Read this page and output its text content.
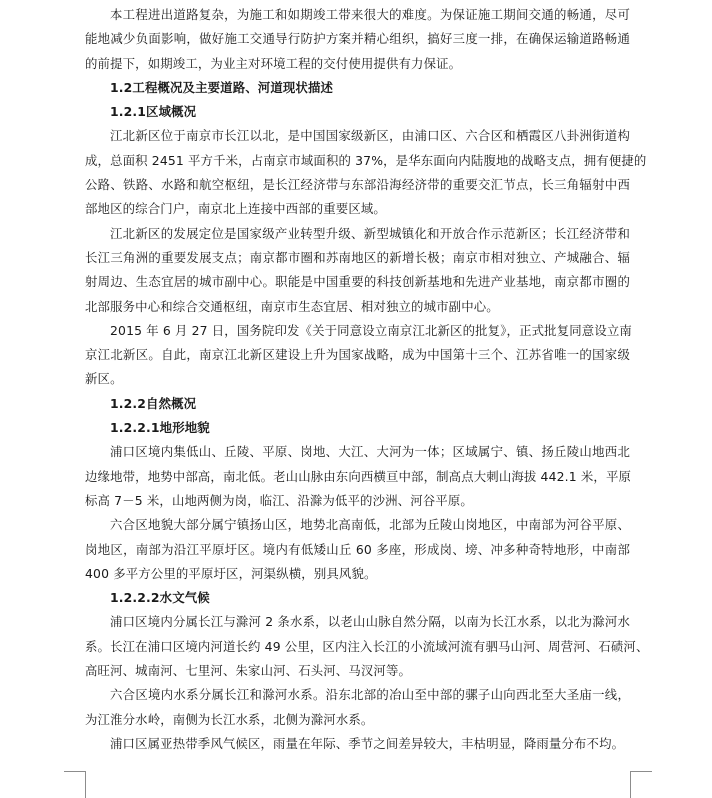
本工程进出道路复杂，为施工和如期竣工带来很大的难度。为保证施工期间交通的畅通，尽可
能地减少负面影响，做好施工交通导行防护方案并精心组织，搞好三度一排，在确保运输道路畅通
的前提下，如期竣工，为业主对环境工程的交付使用提供有力保证。
1.2工程概况及主要道路、河道现状描述
1.2.1区域概况
江北新区位于南京市长江以北，是中国国家级新区，由浦口区、六合区和栖霞区八卦洲街道构
成，总面积 2451 平方千米，占南京市域面积的 37%，是华东面向内陆腹地的战略支点，拥有便捷的
公路、铁路、水路和航空枢纽，是长江经济带与东部沿海经济带的重要交汇节点，长三角辐射中西
部地区的综合门户，南京北上连接中西部的重要区域。
江北新区的发展定位是国家级产业转型升级、新型城镇化和开放合作示范新区；长江经济带和
长江三角洲的重要发展支点；南京都市圈和苏南地区的新增长极；南京市相对独立、产城融合、辐
射周边、生态宜居的城市副中心。职能是中国重要的科技创新基地和先进产业基地，南京都市圈的
北部服务中心和综合交通枢纽，南京市生态宜居、相对独立的城市副中心。
2015 年 6 月 27 日，国务院印发《关于同意设立南京江北新区的批复》，正式批复同意设立南
京江北新区。自此，南京江北新区建设上升为国家战略，成为中国第十三个、江苏省唯一的国家级
新区。
1.2.2自然概况
1.2.2.1地形地貌
浦口区境内集低山、丘陵、平原、岗地、大江、大河为一体；区域属宁、镇、扬丘陵山地西北
边缘地带，地势中部高，南北低。老山山脉由东向西横亘中部，制高点大刺山海拔 442.1 米，平原
标高 7－5 米，山地两侧为岗，临江、沿滁为低平的沙洲、河谷平原。
六合区地貌大部分属宁镇扬山区，地势北高南低，北部为丘陵山岗地区，中南部为河谷平原、
岗地区，南部为沿江平原圩区。境内有低矮山丘 60 多座，形成岗、塝、冲多种奇特地形，中南部
400 多平方公里的平原圩区，河渠纵横，别具风貌。
1.2.2.2水文气候
浦口区境内分属长江与滁河 2 条水系，以老山山脉自然分隔，以南为长江水系，以北为滁河水
系。长江在浦口区境内河道长约 49 公里，区内注入长江的小流域河流有驷马山河、周营河、石碛河、
高旺河、城南河、七里河、朱家山河、石头河、马汊河等。
六合区境内水系分属长江和滁河水系。沿东北部的冶山至中部的骡子山向西北至大圣庙一线，
为江淮分水岭，南侧为长江水系，北侧为滁河水系。
浦口区属亚热带季风气候区，雨量在年际、季节之间差异较大，丰枯明显，降雨量分布不均。
